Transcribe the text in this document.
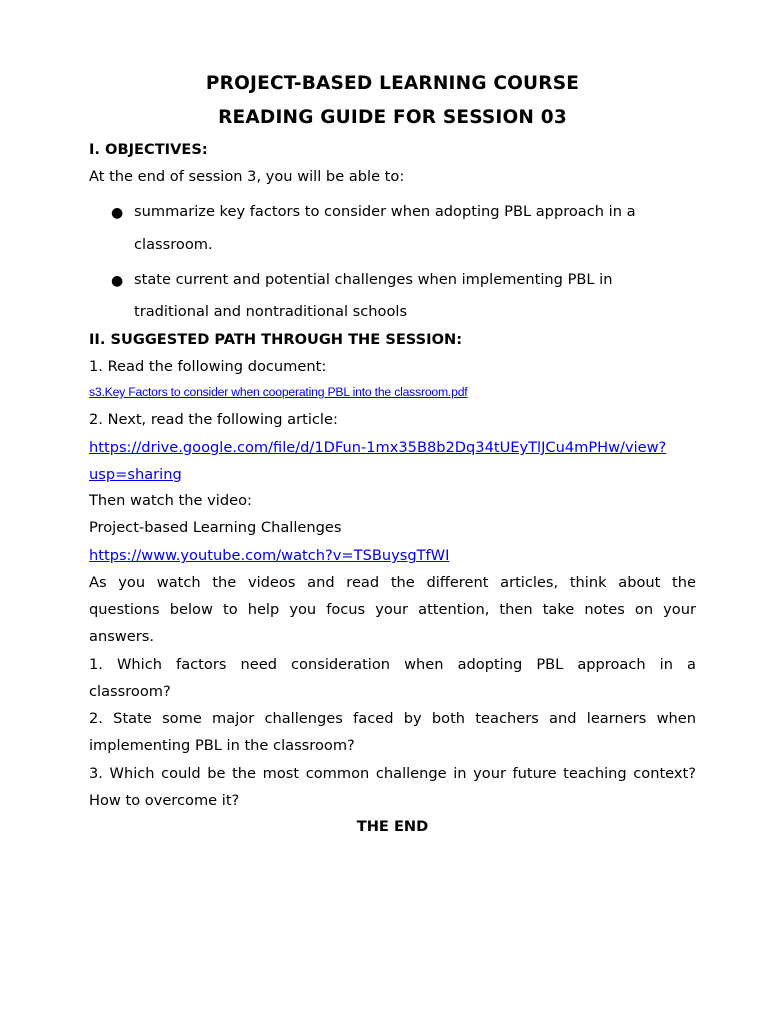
PROJECT-BASED LEARNING COURSE
READING GUIDE FOR SESSION 03
I. OBJECTIVES:
At the end of session 3, you will be able to:
● summarize key factors to consider when adopting PBL approach in a
classroom.
● state current and potential challenges when implementing PBL in
traditional and nontraditional schools
II. SUGGESTED PATH THROUGH THE SESSION:
1. Read the following document:
s3.Key Factors to consider when cooperating PBL into the classroom.pdf
2. Next, read the following article:
https://drive.google.com/file/d/1DFun-1mx35B8b2Dq34tUEyTlJCu4mPHw/view?
usp=sharing
Then watch the video:
Project-based Learning Challenges
https://www.youtube.com/watch?v=TSBuysgTfWI
As you watch the videos and read the different articles, think about the
questions below to help you focus your attention, then take notes on your
answers.
1. Which factors need consideration when adopting PBL approach in a
classroom?
2. State some major challenges faced by both teachers and learners when
implementing PBL in the classroom?
3. Which could be the most common challenge in your future teaching context?
How to overcome it?
THE END
